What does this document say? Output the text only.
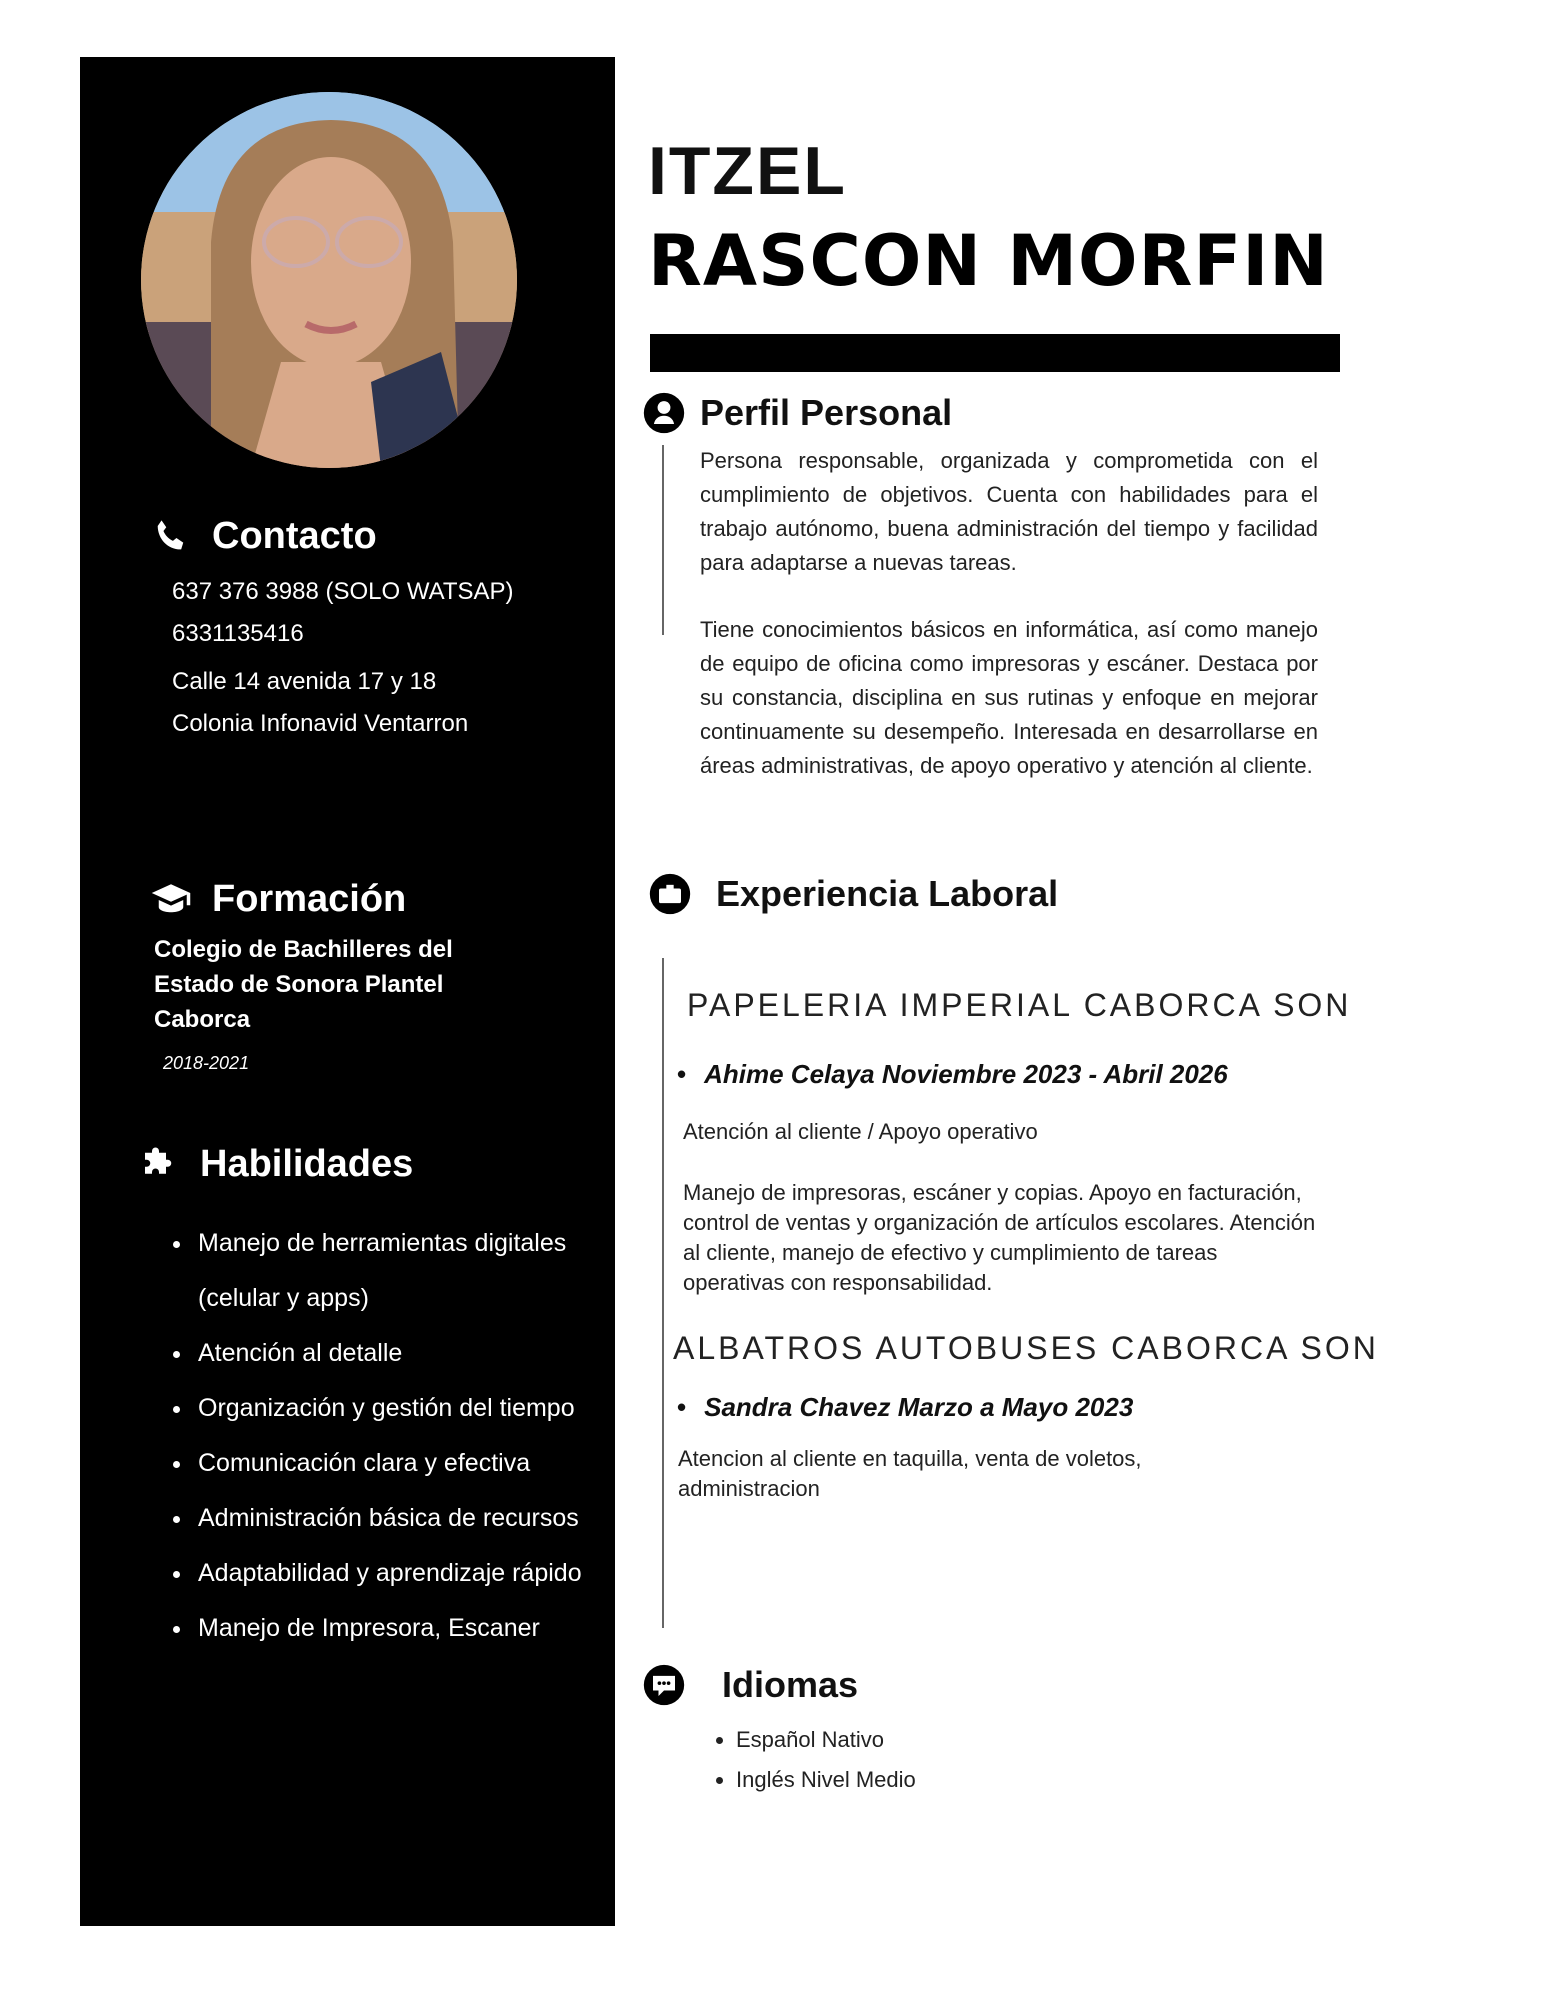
Contacto
637 376 3988 (SOLO WATSAP)
6331135416
Calle 14 avenida 17 y 18
Colonia Infonavid Ventarron
Formación
Colegio de Bachilleres del Estado de Sonora Plantel Caborca
2018-2021
Habilidades
• Manejo de herramientas digitales (celular y apps)
• Atención al detalle
• Organización y gestión del tiempo
• Comunicación clara y efectiva
• Administración básica de recursos
• Adaptabilidad y aprendizaje rápido
• Manejo de Impresora, Escaner
ITZEL
RASCON MORFIN
Perfil Personal
Persona responsable, organizada y comprometida con el cumplimiento de objetivos. Cuenta con habilidades para el trabajo autónomo, buena administración del tiempo y facilidad para adaptarse a nuevas tareas.
Tiene conocimientos básicos en informática, así como manejo de equipo de oficina como impresoras y escáner. Destaca por su constancia, disciplina en sus rutinas y enfoque en mejorar continuamente su desempeño. Interesada en desarrollarse en áreas administrativas, de apoyo operativo y atención al cliente.
Experiencia Laboral
PAPELERIA IMPERIAL CABORCA SON
• Ahime Celaya Noviembre 2023 - Abril 2026
Atención al cliente / Apoyo operativo
Manejo de impresoras, escáner y copias. Apoyo en facturación, control de ventas y organización de artículos escolares. Atención al cliente, manejo de efectivo y cumplimiento de tareas operativas con responsabilidad.
ALBATROS AUTOBUSES CABORCA SON
• Sandra Chavez Marzo a Mayo 2023
Atencion al cliente en taquilla, venta de voletos, administracion
Idiomas
• Español Nativo
• Inglés Nivel Medio
